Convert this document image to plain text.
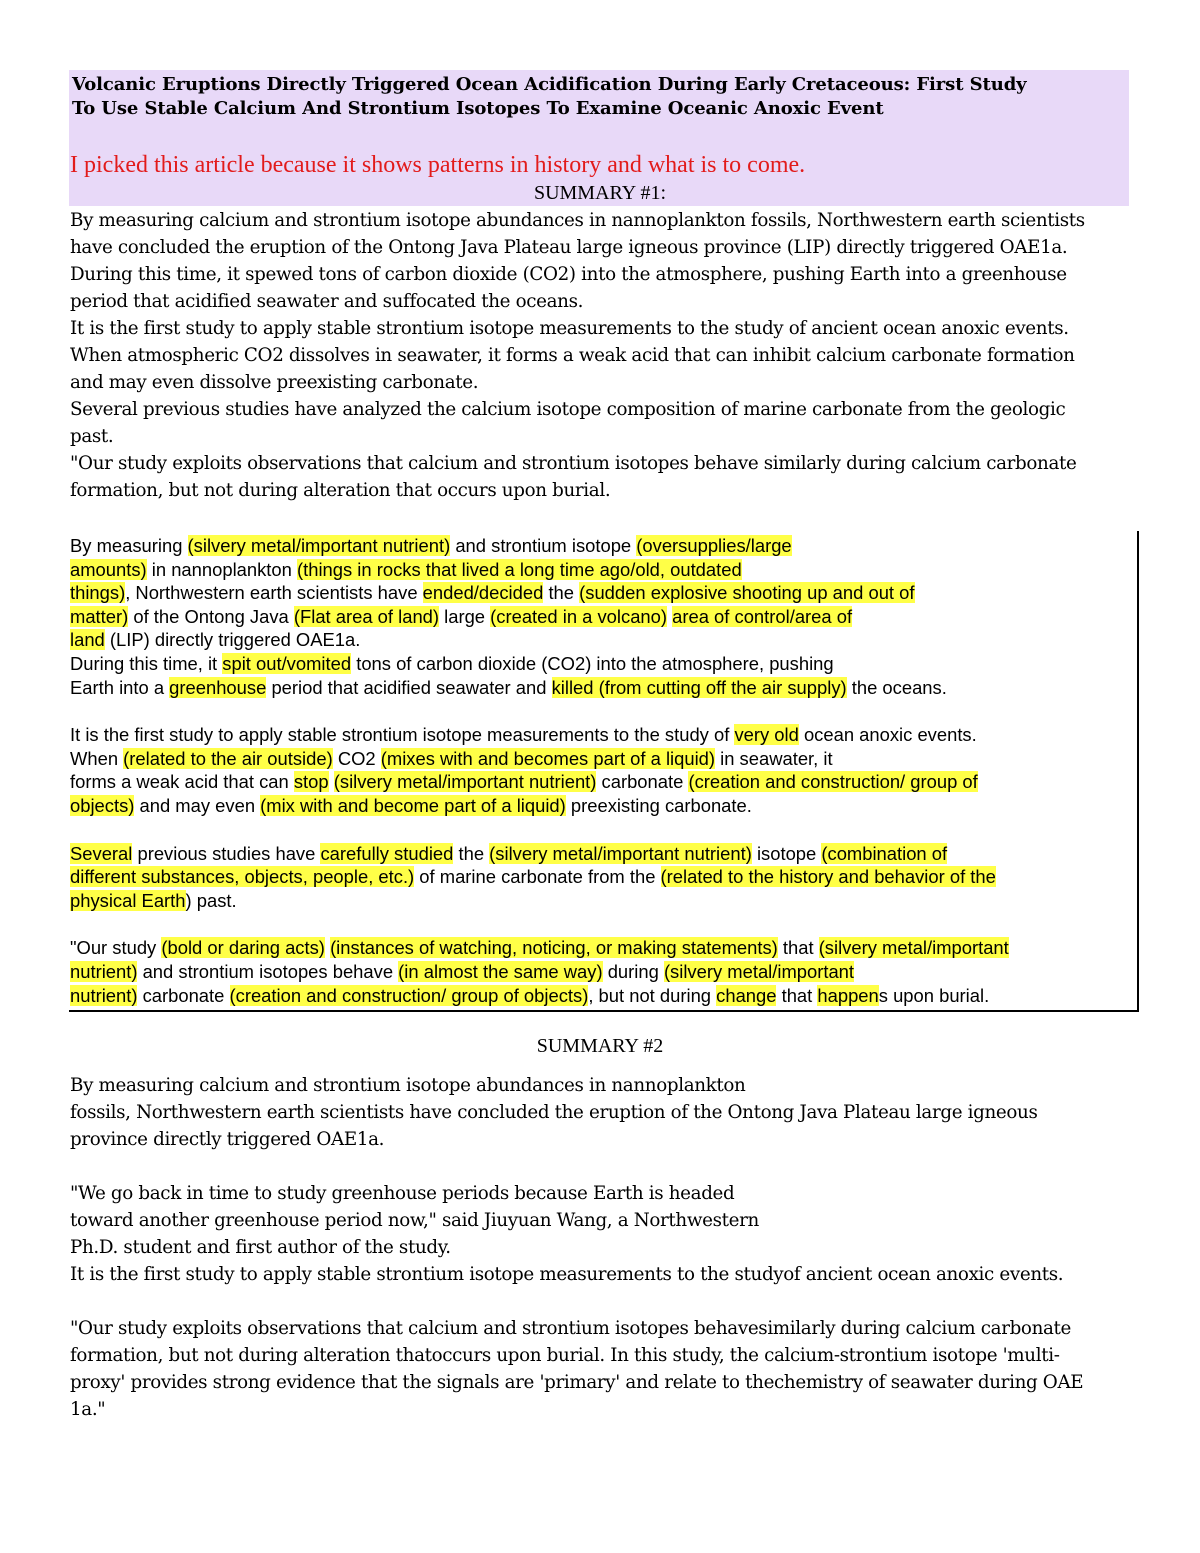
Volcanic Eruptions Directly Triggered Ocean Acidification During Early Cretaceous: First Study
To Use Stable Calcium And Strontium Isotopes To Examine Oceanic Anoxic Event
I picked this article because it shows patterns in history and what is to come.
SUMMARY #1:

By measuring calcium and strontium isotope abundances in nannoplankton fossils, Northwestern earth scientists

have concluded the eruption of the Ontong Java Plateau large igneous province (LIP) directly triggered OAE1a.

During this time, it spewed tons of carbon dioxide (CO2) into the atmosphere, pushing Earth into a greenhouse

period that acidified seawater and suffocated the oceans.

It is the first study to apply stable strontium isotope measurements to the study of ancient ocean anoxic events.

When atmospheric CO2 dissolves in seawater, it forms a weak acid that can inhibit calcium carbonate formation

and may even dissolve preexisting carbonate.

Several previous studies have analyzed the calcium isotope composition of marine carbonate from the geologic

past.

"Our study exploits observations that calcium and strontium isotopes behave similarly during calcium carbonate

formation, but not during alteration that occurs upon burial.

By measuring (silvery metal/important nutrient) and strontium isotope (oversupplies/large

amounts) in nannoplankton (things in rocks that lived a long time ago/old, outdated

things), Northwestern earth scientists have ended/decided the (sudden explosive shooting up and out of

matter) of the Ontong Java (Flat area of land) large (created in a volcano) area of control/area of

land (LIP) directly triggered OAE1a.

During this time, it spit out/vomited tons of carbon dioxide (CO2) into the atmosphere, pushing

Earth into a greenhouse period that acidified seawater and killed (from cutting off the air supply) the oceans.

It is the first study to apply stable strontium isotope measurements to the study of very old ocean anoxic events.

When (related to the air outside) CO2 (mixes with and becomes part of a liquid) in seawater, it

forms a weak acid that can stop (silvery metal/important nutrient) carbonate (creation and construction/ group of

objects) and may even (mix with and become part of a liquid) preexisting carbonate.

Several previous studies have carefully studied the (silvery metal/important nutrient) isotope (combination of

different substances, objects, people, etc.) of marine carbonate from the (related to the history and behavior of the

physical Earth) past.

"Our study (bold or daring acts) (instances of watching, noticing, or making statements) that (silvery metal/important

nutrient) and strontium isotopes behave (in almost the same way) during (silvery metal/important

nutrient) carbonate (creation and construction/ group of objects), but not during change that happens upon burial.

SUMMARY #2

By measuring calcium and strontium isotope abundances in nannoplankton

fossils, Northwestern earth scientists have concluded the eruption of the Ontong Java Plateau large igneous

province directly triggered OAE1a.

"We go back in time to study greenhouse periods because Earth is headed

toward another greenhouse period now," said Jiuyuan Wang, a Northwestern

Ph.D. student and first author of the study.

It is the first study to apply stable strontium isotope measurements to the studyof ancient ocean anoxic events.

"Our study exploits observations that calcium and strontium isotopes behavesimilarly during calcium carbonate

formation, but not during alteration thatoccurs upon burial. In this study, the calcium-strontium isotope 'multi-

proxy' provides strong evidence that the signals are 'primary' and relate to thechemistry of seawater during OAE

1a."
